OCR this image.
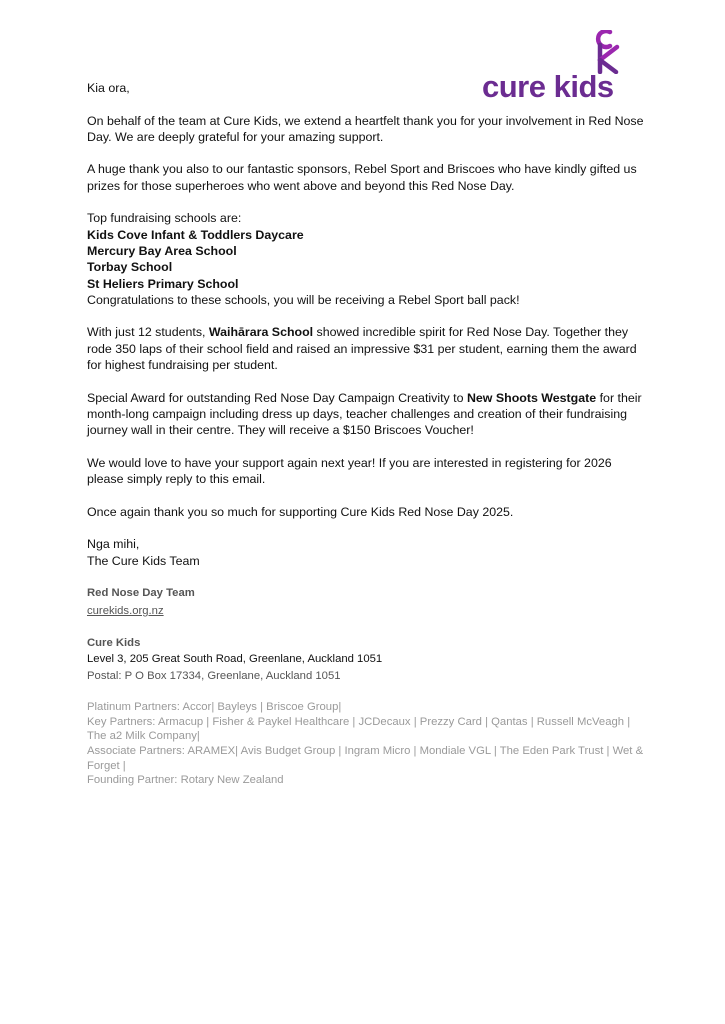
cure kids

Kia ora,

On behalf of the team at Cure Kids, we extend a heartfelt thank you for your involvement in Red Nose Day. We are deeply grateful for your amazing support.

A huge thank you also to our fantastic sponsors, Rebel Sport and Briscoes who have kindly gifted us prizes for those superheroes who went above and beyond this Red Nose Day.

Top fundraising schools are:

Kids Cove Infant & Toddlers Daycare

Mercury Bay Area School

Torbay School

St Heliers Primary School

Congratulations to these schools, you will be receiving a Rebel Sport ball pack!

With just 12 students, Waihārara School showed incredible spirit for Red Nose Day. Together they rode 350 laps of their school field and raised an impressive $31 per student, earning them the award for highest fundraising per student.

Special Award for outstanding Red Nose Day Campaign Creativity to New Shoots Westgate for their month-long campaign including dress up days, teacher challenges and creation of their fundraising journey wall in their centre. They will receive a $150 Briscoes Voucher!

We would love to have your support again next year! If you are interested in registering for 2026 please simply reply to this email.

Once again thank you so much for supporting Cure Kids Red Nose Day 2025.

Nga mihi,

The Cure Kids Team

Red Nose Day Team

curekids.org.nz

Cure Kids

Level 3, 205 Great South Road, Greenlane, Auckland 1051

Postal: P O Box 17334, Greenlane, Auckland 1051

Platinum Partners: Accor| Bayleys | Briscoe Group|

Key Partners: Armacup | Fisher & Paykel Healthcare | JCDecaux | Prezzy Card | Qantas | Russell McVeagh | The a2 Milk Company|

Associate Partners: ARAMEX| Avis Budget Group | Ingram Micro | Mondiale VGL | The Eden Park Trust | Wet & Forget |

Founding Partner: Rotary New Zealand
